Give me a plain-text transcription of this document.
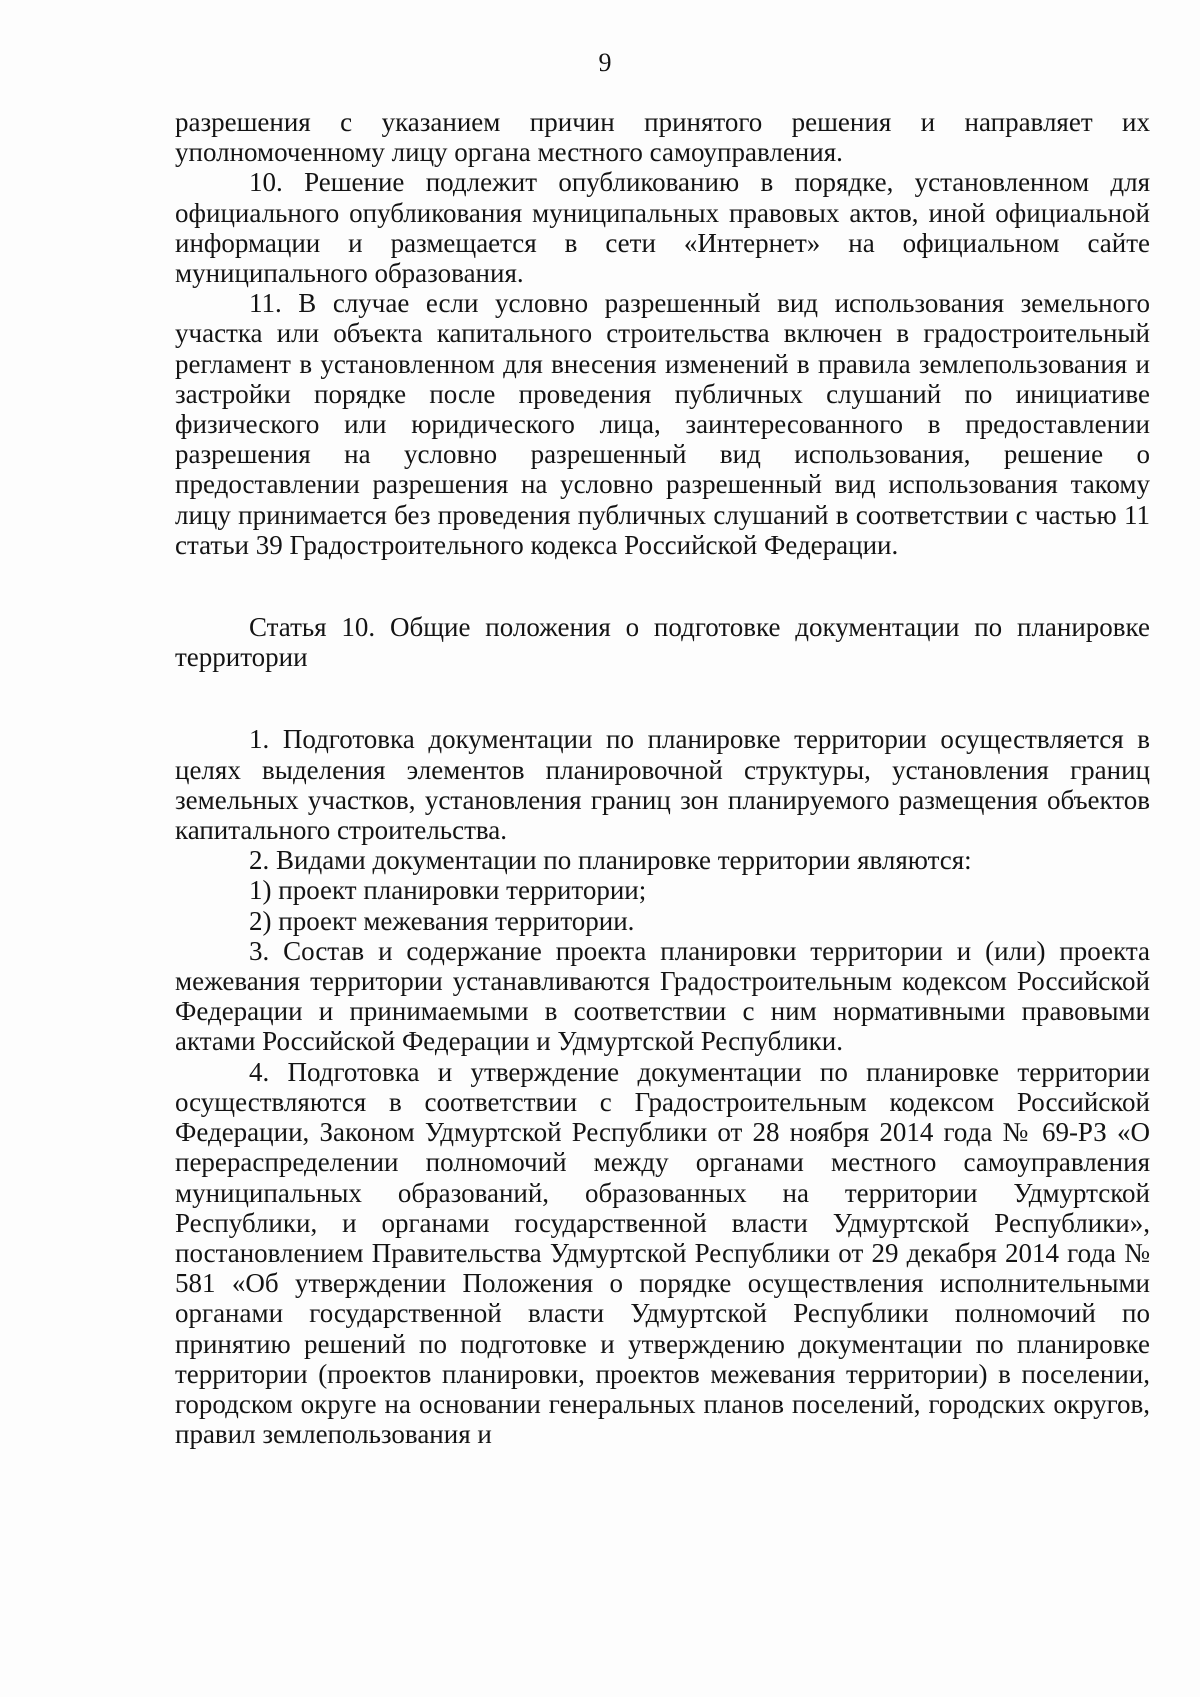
9

разрешения с указанием причин принятого решения и направляет их уполномоченному лицу органа местного самоуправления.

10. Решение подлежит опубликованию в порядке, установленном для официального опубликования муниципальных правовых актов, иной официальной информации и размещается в сети «Интернет» на официальном сайте муниципального образования.

11. В случае если условно разрешенный вид использования земельного участка или объекта капитального строительства включен в градостроительный регламент в установленном для внесения изменений в правила землепользования и застройки порядке после проведения публичных слушаний по инициативе физического или юридического лица, заинтересованного в предоставлении разрешения на условно разрешенный вид использования, решение о предоставлении разрешения на условно разрешенный вид использования такому лицу принимается без проведения публичных слушаний в соответствии с частью 11 статьи 39 Градостроительного кодекса Российской Федерации.

Статья 10. Общие положения о подготовке документации по планировке территории

1. Подготовка документации по планировке территории осуществляется в целях выделения элементов планировочной структуры, установления границ земельных участков, установления границ зон планируемого размещения объектов капитального строительства.

2. Видами документации по планировке территории являются:

1) проект планировки территории;

2) проект межевания территории.

3. Состав и содержание проекта планировки территории и (или) проекта межевания территории устанавливаются Градостроительным кодексом Российской Федерации и принимаемыми в соответствии с ним нормативными правовыми актами Российской Федерации и Удмуртской Республики.

4. Подготовка и утверждение документации по планировке территории осуществляются в соответствии с Градостроительным кодексом Российской Федерации, Законом Удмуртской Республики от 28 ноября 2014 года № 69-РЗ «О перераспределении полномочий между органами местного самоуправления муниципальных образований, образованных на территории Удмуртской Республики, и органами государственной власти Удмуртской Республики», постановлением Правительства Удмуртской Республики от 29 декабря 2014 года № 581 «Об утверждении Положения о порядке осуществления исполнительными органами государственной власти Удмуртской Республики полномочий по принятию решений по подготовке и утверждению документации по планировке территории (проектов планировки, проектов межевания территории) в поселении, городском округе на основании генеральных планов поселений, городских округов, правил землепользования и
